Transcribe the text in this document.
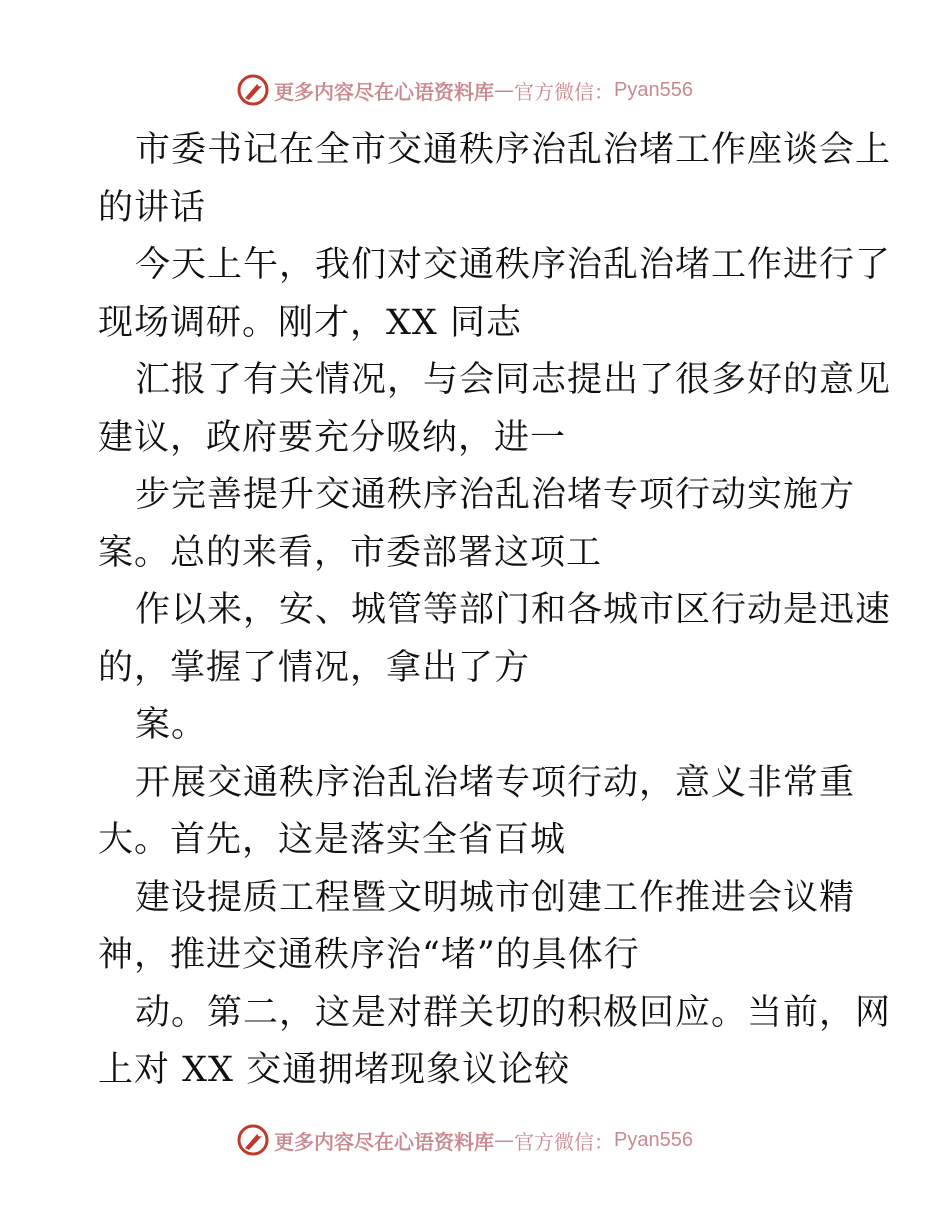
更多内容尽在心语资料库 — 官方微信： Pyan556
市委书记在全市交通秩序治乱治堵工作座谈会上
的讲话
今天上午，我们对交通秩序治乱治堵工作进行了
现场调研。刚才，XX 同志
汇报了有关情况，与会同志提出了很多好的意见
建议，政府要充分吸纳，进一
步完善提升交通秩序治乱治堵专项行动实施方
案。总的来看，市委部署这项工
作以来，安、城管等部门和各城市区行动是迅速
的，掌握了情况，拿出了方
案。
开展交通秩序治乱治堵专项行动，意义非常重
大。首先，这是落实全省百城
建设提质工程暨文明城市创建工作推进会议精
神，推进交通秩序治“堵”的具体行
动。第二，这是对群关切的积极回应。当前，网
上对 XX 交通拥堵现象议论较
更多内容尽在心语资料库 — 官方微信： Pyan556
